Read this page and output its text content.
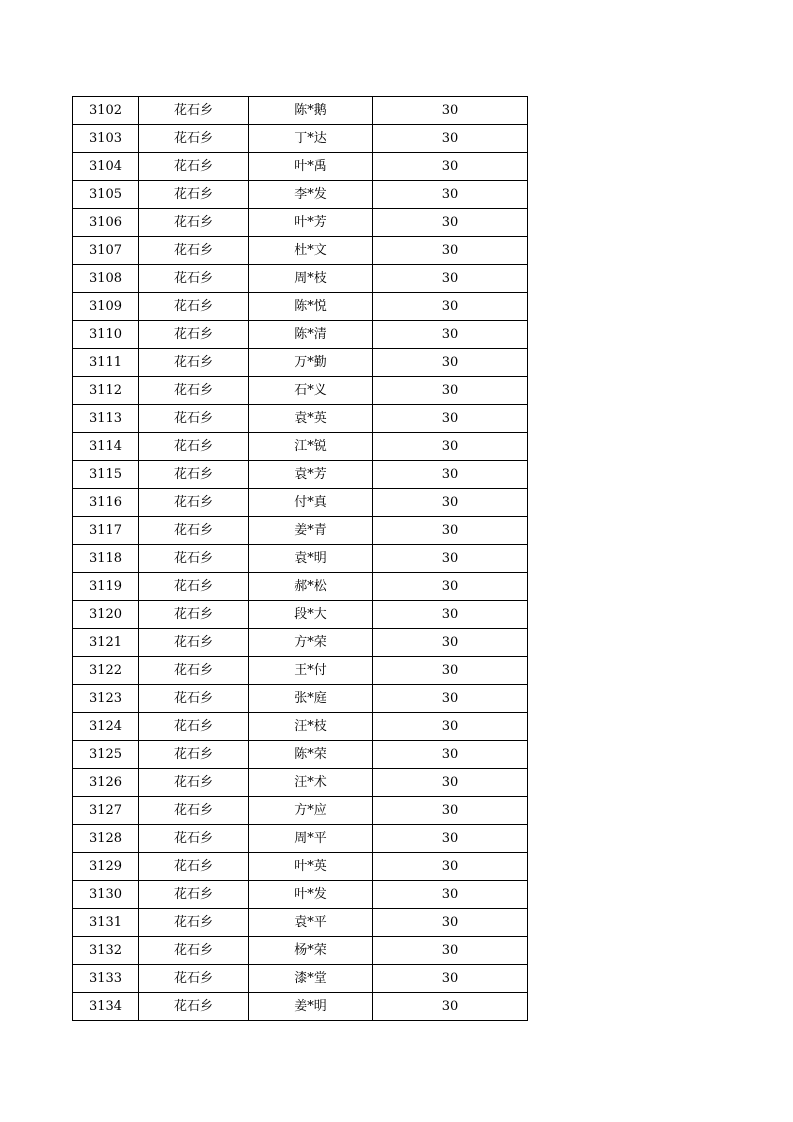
3102	花石乡	陈*鹅	30
3103	花石乡	丁*达	30
3104	花石乡	叶*禹	30
3105	花石乡	李*发	30
3106	花石乡	叶*芳	30
3107	花石乡	杜*文	30
3108	花石乡	周*枝	30
3109	花石乡	陈*悦	30
3110	花石乡	陈*清	30
3111	花石乡	万*勤	30
3112	花石乡	石*义	30
3113	花石乡	袁*英	30
3114	花石乡	江*锐	30
3115	花石乡	袁*芳	30
3116	花石乡	付*真	30
3117	花石乡	姜*青	30
3118	花石乡	袁*明	30
3119	花石乡	郝*松	30
3120	花石乡	段*大	30
3121	花石乡	方*荣	30
3122	花石乡	王*付	30
3123	花石乡	张*庭	30
3124	花石乡	汪*枝	30
3125	花石乡	陈*荣	30
3126	花石乡	汪*术	30
3127	花石乡	方*应	30
3128	花石乡	周*平	30
3129	花石乡	叶*英	30
3130	花石乡	叶*发	30
3131	花石乡	袁*平	30
3132	花石乡	杨*荣	30
3133	花石乡	漆*堂	30
3134	花石乡	姜*明	30
